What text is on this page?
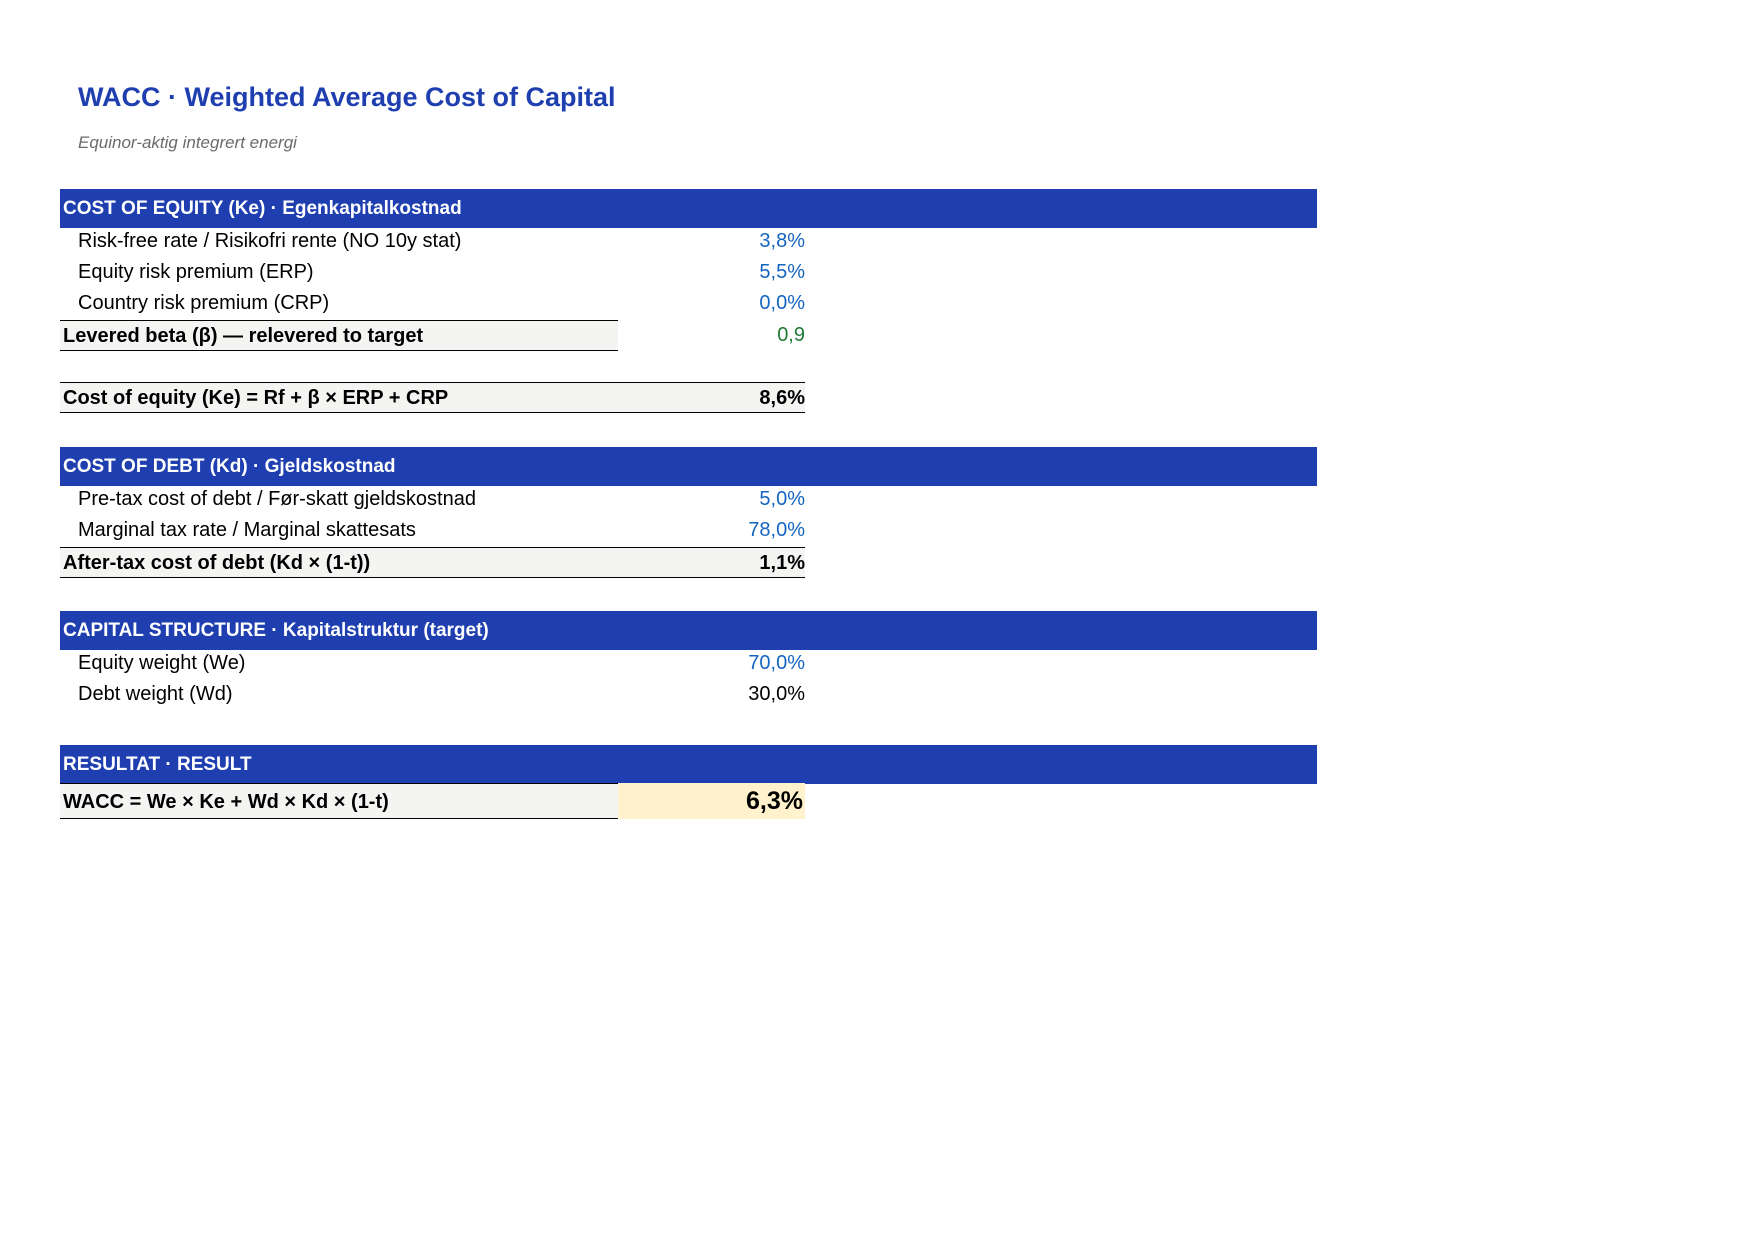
WACC · Weighted Average Cost of Capital
Equinor-aktig integrert energi
COST OF EQUITY (Ke) · Egenkapitalkostnad
Risk-free rate / Risikofri rente (NO 10y stat)	3,8%
Equity risk premium (ERP)	5,5%
Country risk premium (CRP)	0,0%
Levered beta (β) — relevered to target	0,9
Cost of equity (Ke) = Rf + β × ERP + CRP	8,6%
COST OF DEBT (Kd) · Gjeldskostnad
Pre-tax cost of debt / Før-skatt gjeldskostnad	5,0%
Marginal tax rate / Marginal skattesats	78,0%
After-tax cost of debt (Kd × (1-t))	1,1%
CAPITAL STRUCTURE · Kapitalstruktur (target)
Equity weight (We)	70,0%
Debt weight (Wd)	30,0%
RESULTAT · RESULT
WACC = We × Ke + Wd × Kd × (1-t)	6,3%
